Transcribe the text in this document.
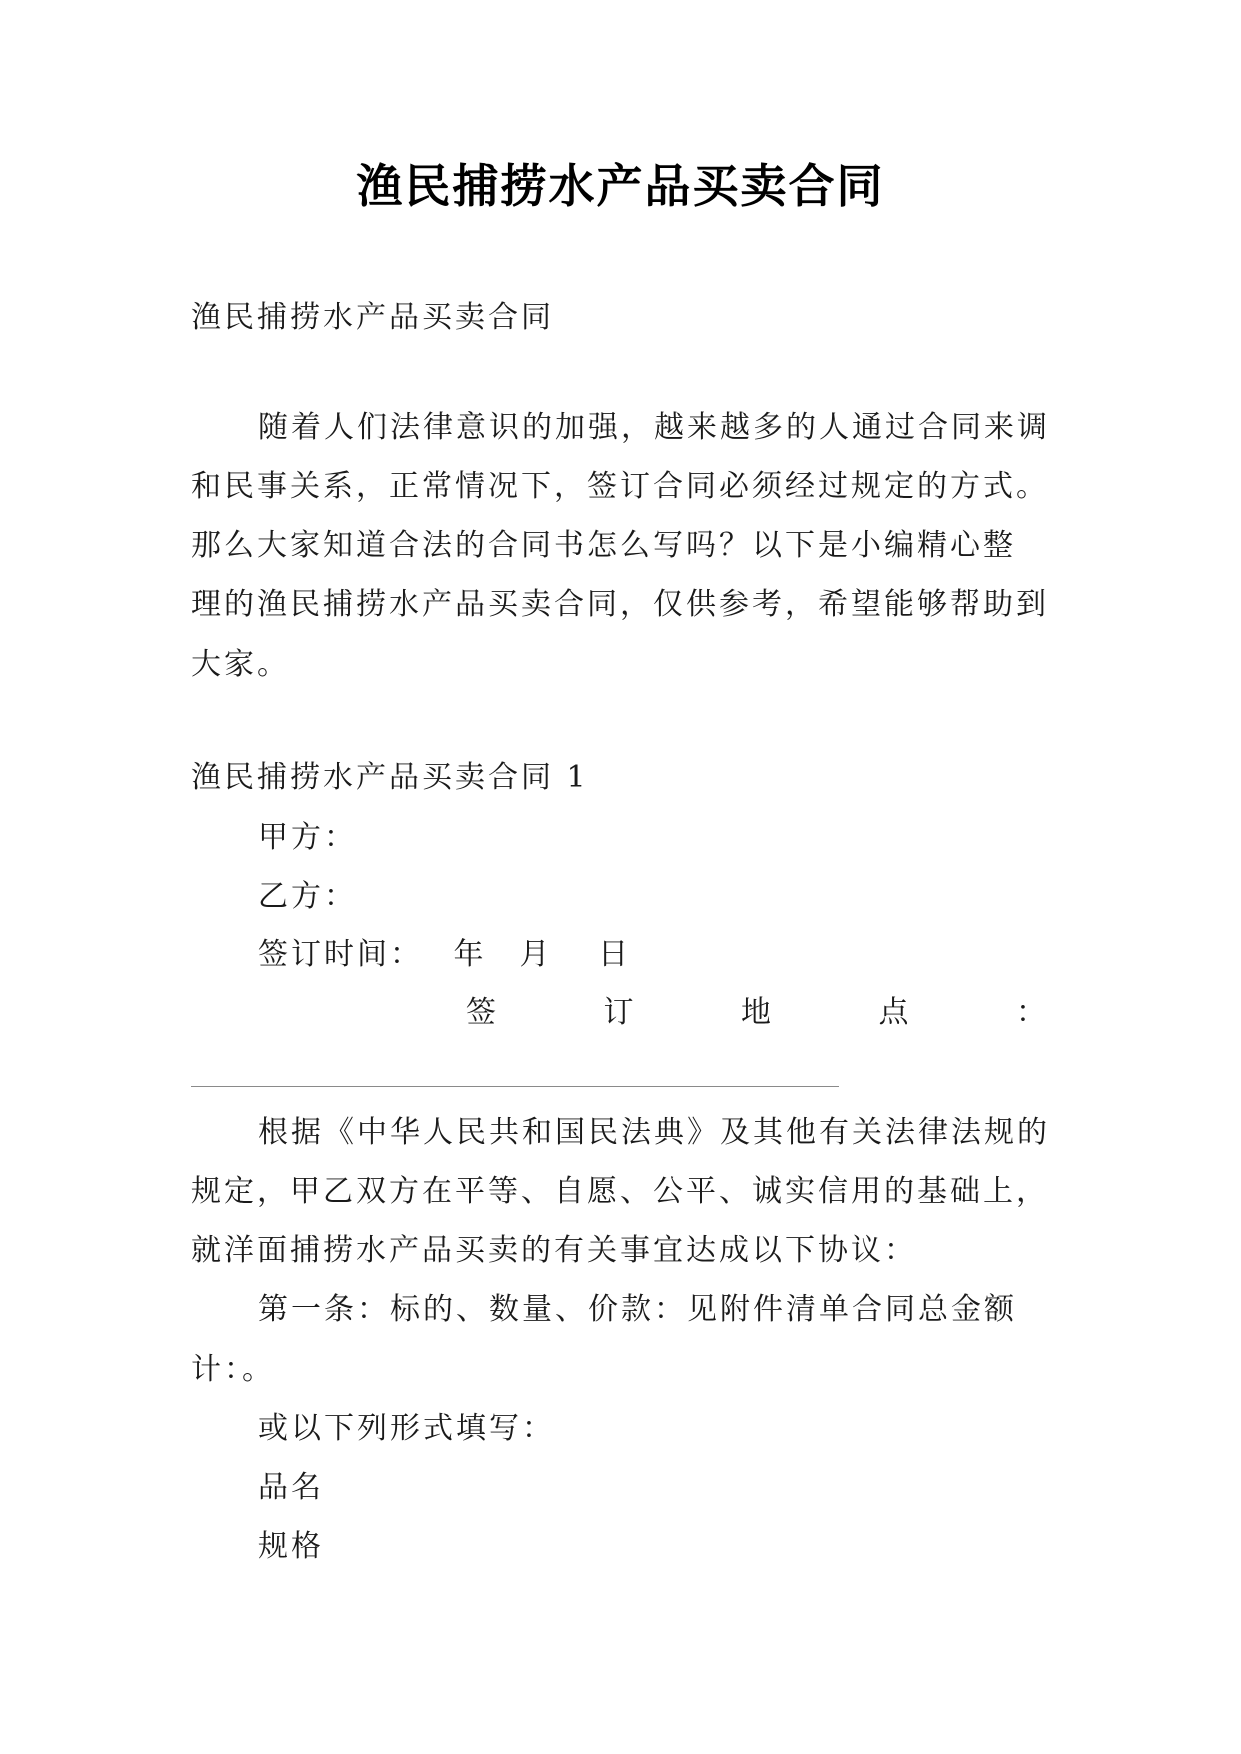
渔民捕捞水产品买卖合同
渔民捕捞水产品买卖合同
随着人们法律意识的加强，越来越多的人通过合同来调
和民事关系，正常情况下，签订合同必须经过规定的方式。
那么大家知道合法的合同书怎么写吗？以下是小编精心整
理的渔民捕捞水产品买卖合同，仅供参考，希望能够帮助到
大家。
渔民捕捞水产品买卖合同 1
甲方：
乙方：
签订时间：　 年　月　 日
签	订	地	点	：
根据《中华人民共和国民法典》及其他有关法律法规的
规定，甲乙双方在平等、自愿、公平、诚实信用的基础上，
就洋面捕捞水产品买卖的有关事宜达成以下协议：
第一条：标的、数量、价款：见附件清单合同总金额
计：。
或以下列形式填写：
品名
规格
